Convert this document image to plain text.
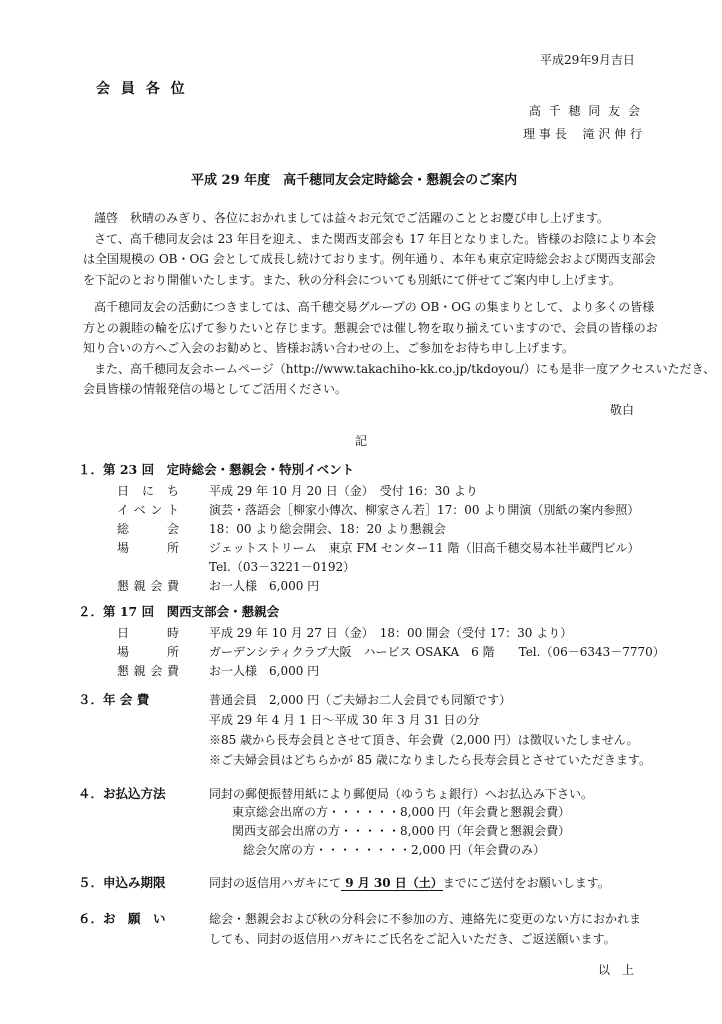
平成29年9月吉日
会 員 各 位
高 千 穂 同 友 会
理 事 長　 滝 沢 伸 行
平成 29 年度　高千穂同友会定時総会・懇親会のご案内
謹啓　秋晴のみぎり、各位におかれましては益々お元気でご活躍のこととお慶び申し上げます。
さて、高千穂同友会は 23 年目を迎え、また関西支部会も 17 年目となりました。皆様のお陰により本会
は全国規模の OB・OG 会として成長し続けております。例年通り、本年も東京定時総会および関西支部会
を下記のとおり開催いたします。また、秋の分科会についても別紙にて併せてご案内申し上げます。
高千穂同友会の活動につきましては、高千穂交易グループの OB・OG の集まりとして、より多くの皆様
方との親睦の輪を広げて参りたいと存じます。懇親会では催し物を取り揃えていますので、会員の皆様のお
知り合いの方へご入会のお勧めと、皆様お誘い合わせの上、ご参加をお待ち申し上げます。
また、高千穂同友会ホームページ（http://www.takachiho-kk.co.jp/tkdoyou/）にも是非一度アクセスいただき、
会員皆様の情報発信の場としてご活用ください。
敬白
記
１．第 23 回　定時総会・懇親会・特別イベント
日にち	平成 29 年 10 月 20 日（金）　受付 16：30 より
イベント	演芸・落語会［柳家小傳次、柳家さん若］17：00 より開演（別紙の案内参照）
総会	18：00 より総会開会、18：20 より懇親会
場所	ジェットストリーム　東京 FM センター11 階（旧高千穂交易本社半蔵門ビル）
Tel.（03－3221－0192）
懇親会費	お一人様　6,000 円
２．第 17 回　関西支部会・懇親会
日時	平成 29 年 10 月 27 日（金）　18：00 開会（受付 17：30 より）
場所	ガーデンシティクラブ大阪　ハービス OSAKA　6 階　　Tel.（06－6343－7770）
懇親会費	お一人様　6,000 円
３．年 会 費	普通会員　2,000 円（ご夫婦お二人会員でも同額です）
平成 29 年 4 月 1 日～平成 30 年 3 月 31 日の分
※85 歳から長寿会員とさせて頂き、年会費（2,000 円）は徴収いたしません。
※ご夫婦会員はどちらかが 85 歳になりましたら長寿会員とさせていただきます。
４．お払込方法	同封の郵便振替用紙により郵便局（ゆうちょ銀行）へお払込み下さい。
東京総会出席の方・・・・・・8,000 円（年会費と懇親会費）
関西支部会出席の方・・・・・8,000 円（年会費と懇親会費）
総会欠席の方・・・・・・・・2,000 円（年会費のみ）
５．申込み期限	同封の返信用ハガキにて 9 月 30 日（土）までにご送付をお願いします。
６．お　願　い	総会・懇親会および秋の分科会に不参加の方、連絡先に変更のない方におかれま
しても、同封の返信用ハガキにご氏名をご記入いただき、ご返送願います。
以　上
